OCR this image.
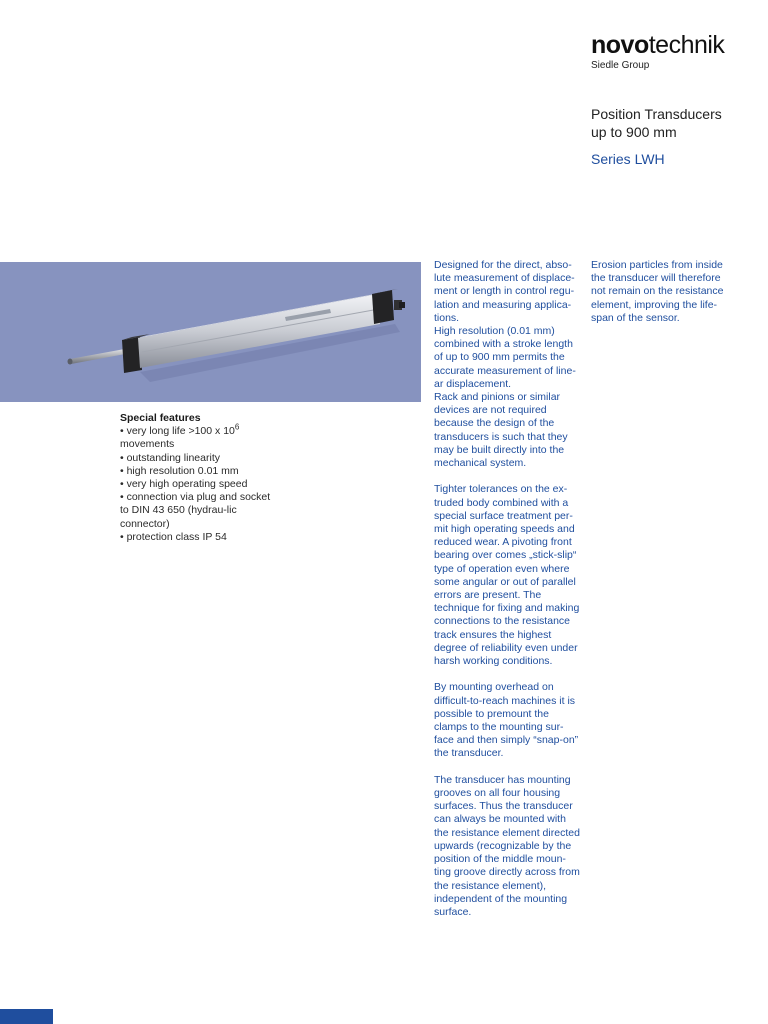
novotechnik
Siedle Group
Position Transducers
up to 900 mm
Series LWH
Special features
• very long life >100 x $10^6$
movements
• outstanding linearity
• high resolution 0.01 mm
• very high operating speed
• connection via plug and socket to DIN 43 650 (hydrau-lic connector)
• protection class IP 54
Designed for the direct, abso-lute measurement of displace-ment or length in control regu-lation and measuring applica-tions.
High resolution (0.01 mm) combined with a stroke length of up to 900 mm permits the accurate measurement of line-ar displacement.

Rack and pinions or similar devices are not required because the design of the transducers is such that they may be built directly into the mechanical system.

Tighter tolerances on the ex-truded body combined with a special surface treatment per-mit high operating speeds and reduced wear. A pivoting front bearing over comes „stick-slip“ type of operation even where some angular or out of parallel errors are present. The technique for fixing and making connections to the resistance track ensures the highest degree of reliability even under harsh working conditions.

By mounting overhead on difficult-to-reach machines it is possible to premount the clamps to the mounting sur-face and then simply “snap-on” the transducer.

The transducer has mounting grooves on all four housing surfaces. Thus the transducer can always be mounted with the resistance element directed upwards (recognizable by the position of the middle moun-ting groove directly across from the resistance element), independent of the mounting surface.

Erosion particles from inside the transducer will therefore not remain on the resistance element, improving the life-span of the sensor.
